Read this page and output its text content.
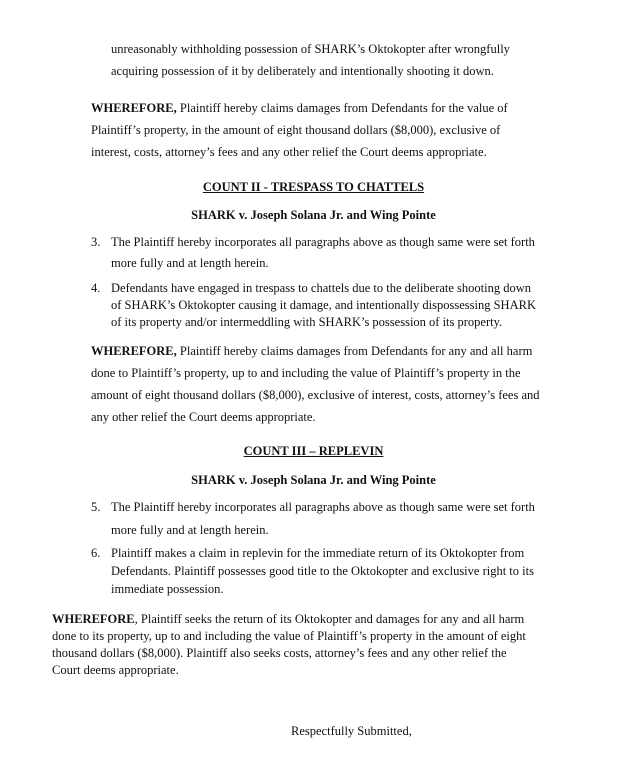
unreasonably withholding possession of SHARK’s Oktokopter after wrongfully

acquiring possession of it by deliberately and intentionally shooting it down.

WHEREFORE, Plaintiff hereby claims damages from Defendants for the value of

Plaintiff’s property, in the amount of eight thousand dollars ($8,000), exclusive of

interest, costs, attorney’s fees and any other relief the Court deems appropriate.

COUNT II - TRESPASS TO CHATTELS

SHARK v. Joseph Solana Jr. and Wing Pointe

3. The Plaintiff hereby incorporates all paragraphs above as though same were set forth

more fully and at length herein.

4. Defendants have engaged in trespass to chattels due to the deliberate shooting down

of SHARK’s Oktokopter causing it damage, and intentionally dispossessing SHARK

of its property and/or intermeddling with SHARK’s possession of its property.

WHEREFORE, Plaintiff hereby claims damages from Defendants for any and all harm

done to Plaintiff’s property, up to and including the value of Plaintiff’s property in the

amount of eight thousand dollars ($8,000), exclusive of interest, costs, attorney’s fees and

any other relief the Court deems appropriate.

COUNT III – REPLEVIN

SHARK v. Joseph Solana Jr. and Wing Pointe

5. The Plaintiff hereby incorporates all paragraphs above as though same were set forth

more fully and at length herein.

6. Plaintiff makes a claim in replevin for the immediate return of its Oktokopter from

Defendants. Plaintiff possesses good title to the Oktokopter and exclusive right to its

immediate possession.

WHEREFORE, Plaintiff seeks the return of its Oktokopter and damages for any and all harm

done to its property, up to and including the value of Plaintiff’s property in the amount of eight

thousand dollars ($8,000). Plaintiff also seeks costs, attorney’s fees and any other relief the

Court deems appropriate.

Respectfully Submitted,
